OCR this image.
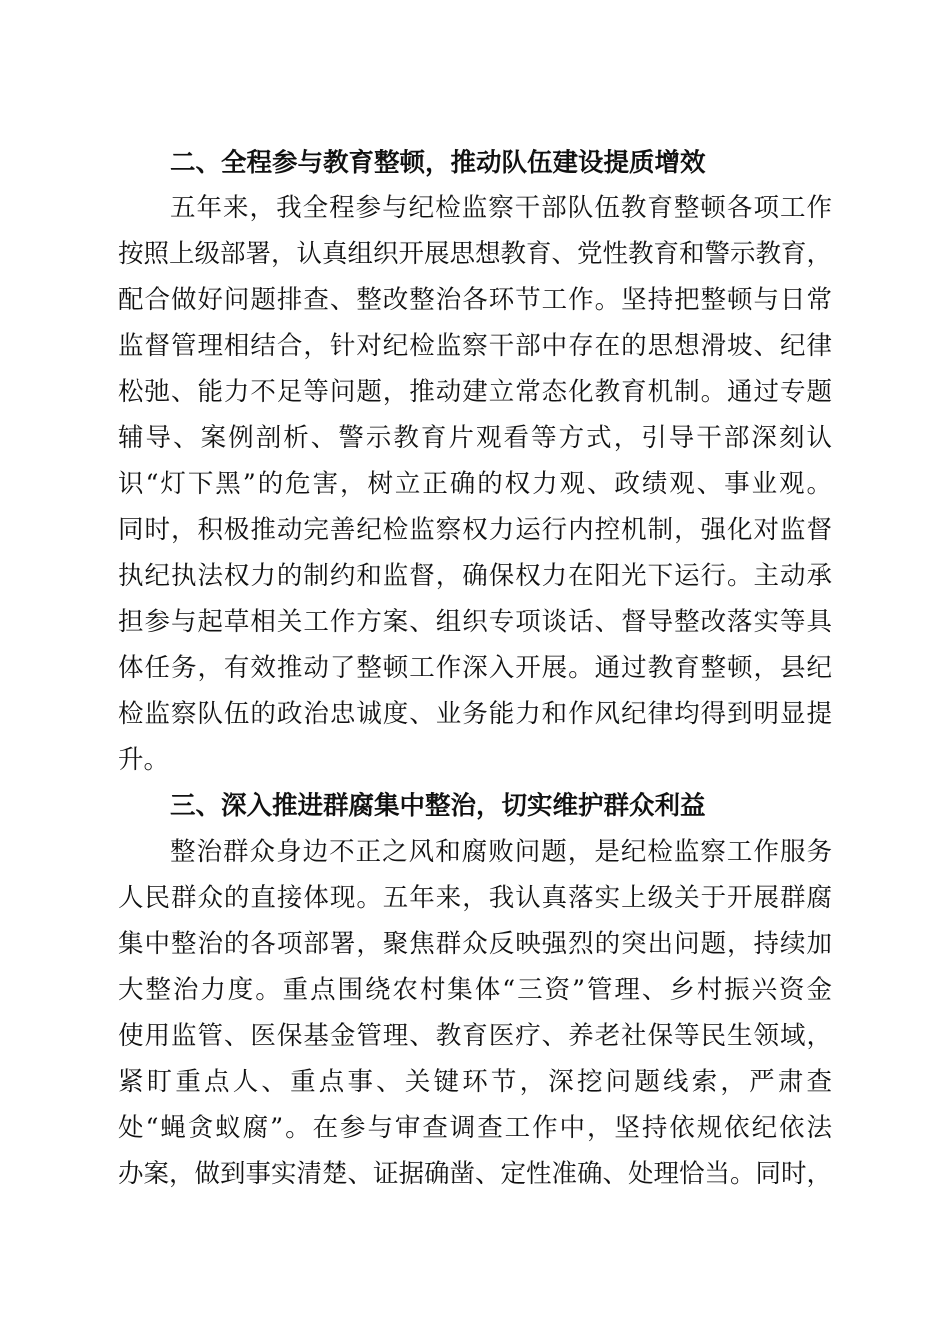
二、全程参与教育整顿，推动队伍建设提质增效
五年来，我全程参与纪检监察干部队伍教育整顿各项工作
按照上级部署，认真组织开展思想教育、党性教育和警示教育，
配合做好问题排查、整改整治各环节工作。坚持把整顿与日常
监督管理相结合，针对纪检监察干部中存在的思想滑坡、纪律
松弛、能力不足等问题，推动建立常态化教育机制。通过专题
辅导、案例剖析、警示教育片观看等方式，引导干部深刻认
识“灯下黑”的危害，树立正确的权力观、政绩观、事业观。
同时，积极推动完善纪检监察权力运行内控机制，强化对监督
执纪执法权力的制约和监督，确保权力在阳光下运行。主动承
担参与起草相关工作方案、组织专项谈话、督导整改落实等具
体任务，有效推动了整顿工作深入开展。通过教育整顿，县纪
检监察队伍的政治忠诚度、业务能力和作风纪律均得到明显提
升。
三、深入推进群腐集中整治，切实维护群众利益
整治群众身边不正之风和腐败问题，是纪检监察工作服务
人民群众的直接体现。五年来，我认真落实上级关于开展群腐
集中整治的各项部署，聚焦群众反映强烈的突出问题，持续加
大整治力度。重点围绕农村集体“三资”管理、乡村振兴资金
使用监管、医保基金管理、教育医疗、养老社保等民生领域，
紧盯重点人、重点事、关键环节，深挖问题线索，严肃查
处“蝇贪蚁腐”。在参与审查调查工作中，坚持依规依纪依法
办案，做到事实清楚、证据确凿、定性准确、处理恰当。同时，
